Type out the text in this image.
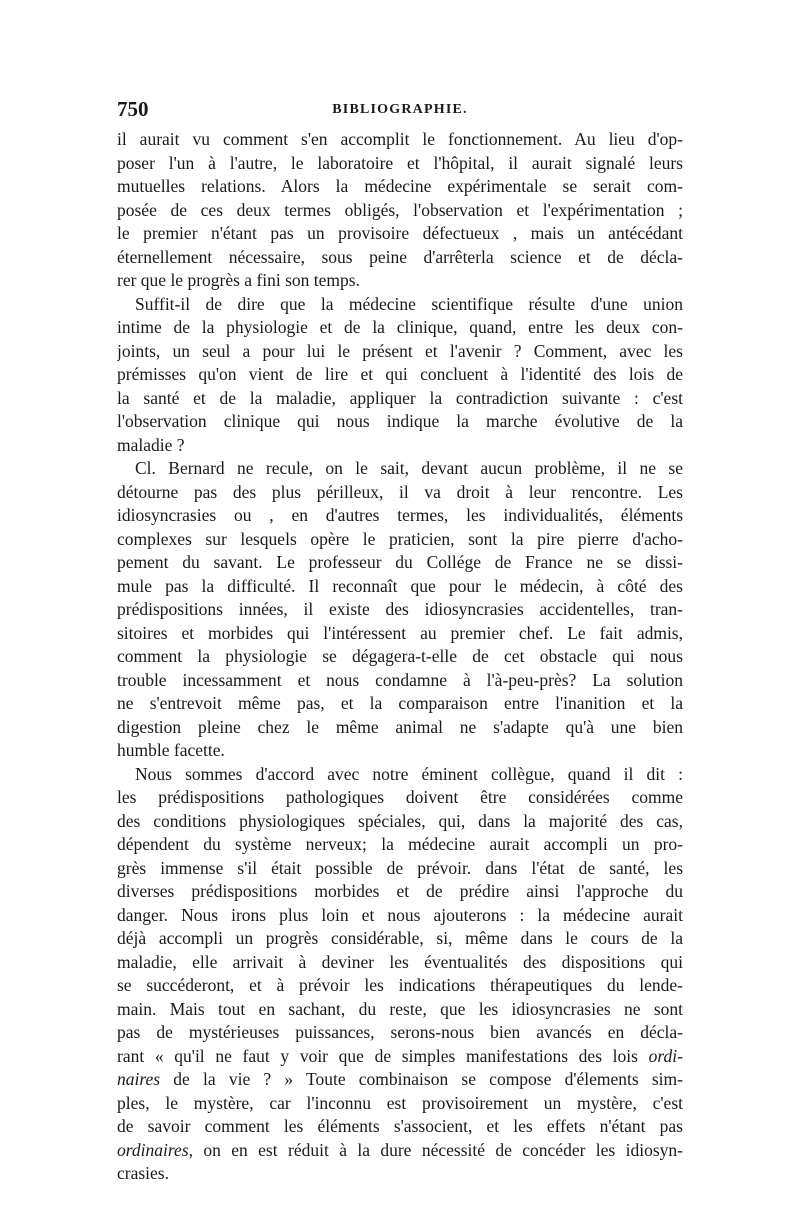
750	BIBLIOGRAPHIE.
il aurait vu comment s'en accomplit le fonctionnement. Au lieu d'op-
poser l'un à l'autre, le laboratoire et l'hôpital, il aurait signalé leurs
mutuelles relations. Alors la médecine expérimentale se serait com-
posée de ces deux termes obligés, l'observation et l'expérimentation ;
le premier n'étant pas un provisoire défectueux , mais un antécédant
éternellement nécessaire, sous peine d'arrêterla science et de décla-
rer que le progrès a fini son temps.
Suffit-il de dire que la médecine scientifique résulte d'une union
intime de la physiologie et de la clinique, quand, entre les deux con-
joints, un seul a pour lui le présent et l'avenir ? Comment, avec les
prémisses qu'on vient de lire et qui concluent à l'identité des lois de
la santé et de la maladie, appliquer la contradiction suivante : c'est
l'observation clinique qui nous indique la marche évolutive de la
maladie ?
Cl. Bernard ne recule, on le sait, devant aucun problème, il ne se
détourne pas des plus périlleux, il va droit à leur rencontre. Les
idiosyncrasies ou , en d'autres termes, les individualités, éléments
complexes sur lesquels opère le praticien, sont la pire pierre d'acho-
pement du savant. Le professeur du Collége de France ne se dissi-
mule pas la difficulté. Il reconnaît que pour le médecin, à côté des
prédispositions innées, il existe des idiosyncrasies accidentelles, tran-
sitoires et morbides qui l'intéressent au premier chef. Le fait admis,
comment la physiologie se dégagera-t-elle de cet obstacle qui nous
trouble incessamment et nous condamne à l'à-peu-près? La solution
ne s'entrevoit même pas, et la comparaison entre l'inanition et la
digestion pleine chez le même animal ne s'adapte qu'à une bien
humble facette.
Nous sommes d'accord avec notre éminent collègue, quand il dit :
les prédispositions pathologiques doivent être considérées comme
des conditions physiologiques spéciales, qui, dans la majorité des cas,
dépendent du système nerveux; la médecine aurait accompli un pro-
grès immense s'il était possible de prévoir. dans l'état de santé, les
diverses prédispositions morbides et de prédire ainsi l'approche du
danger. Nous irons plus loin et nous ajouterons : la médecine aurait
déjà accompli un progrès considérable, si, même dans le cours de la
maladie, elle arrivait à deviner les éventualités des dispositions qui
se succéderont, et à prévoir les indications thérapeutiques du lende-
main. Mais tout en sachant, du reste, que les idiosyncrasies ne sont
pas de mystérieuses puissances, serons-nous bien avancés en décla-
rant « qu'il ne faut y voir que de simples manifestations des lois ordi-
naires de la vie ? » Toute combinaison se compose d'élements sim-
ples, le mystère, car l'inconnu est provisoirement un mystère, c'est
de savoir comment les éléments s'associent, et les effets n'étant pas
ordinaires, on en est réduit à la dure nécessité de concéder les idiosyn-
crasies.
